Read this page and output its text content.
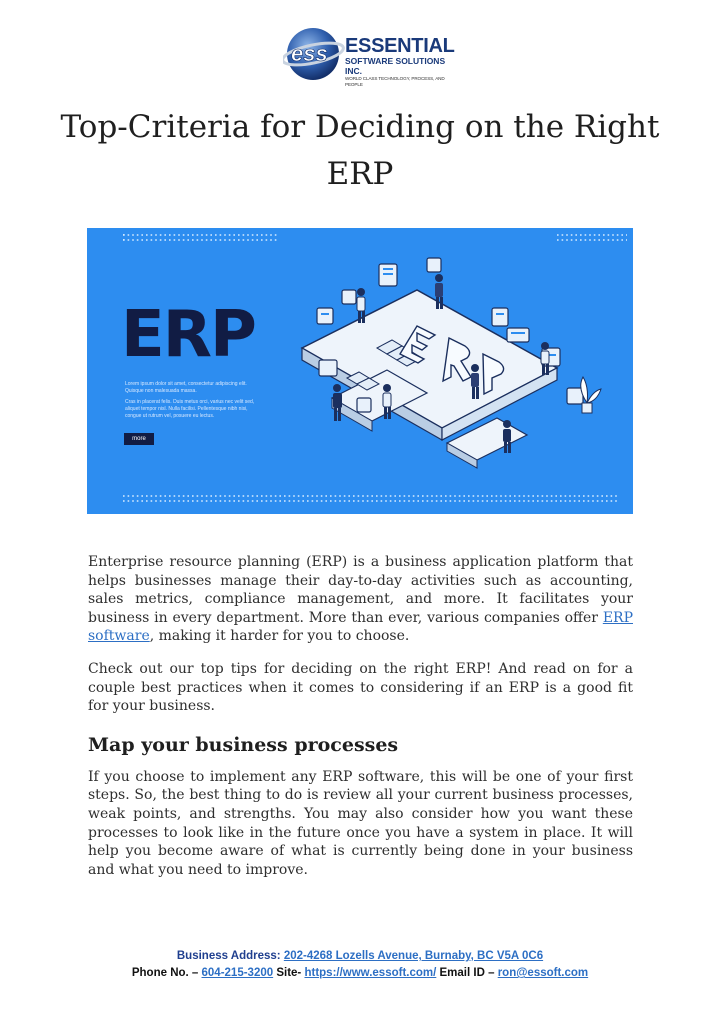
ess ESSENTIAL
SOFTWARE SOLUTIONS INC.
WORLD CLASS TECHNOLOGY, PROCESS, AND PEOPLE
Top-Criteria for Deciding on the Right ERP
ERP

Lorem ipsum dolor sit amet, consectetur adipiscing elit. Quisque non malesuada massa.

Cras in placerat felis. Duis metus orci, varius nec velit sed, aliquet tempor nisl. Nulla facilisi. Pellentesque nibh nisi, congue ut rutrum vel, posuere eu lectus.

more

Enterprise resource planning (ERP) is a business application platform that helps businesses manage their day-to-day activities such as accounting, sales metrics, compliance management, and more. It facilitates your business in every department. More than ever, various companies offer ERP software, making it harder for you to choose.

Check out our top tips for deciding on the right ERP! And read on for a couple best practices when it comes to considering if an ERP is a good fit for your business.

Map your business processes

If you choose to implement any ERP software, this will be one of your first steps. So, the best thing to do is review all your current business processes, weak points, and strengths. You may also consider how you want these processes to look like in the future once you have a system in place. It will help you become aware of what is currently being done in your business and what you need to improve.

Business Address: 202-4268 Lozells Avenue, Burnaby, BC V5A 0C6
Phone No. – 604-215-3200 Site- https://www.essoft.com/ Email ID – ron@essoft.com
